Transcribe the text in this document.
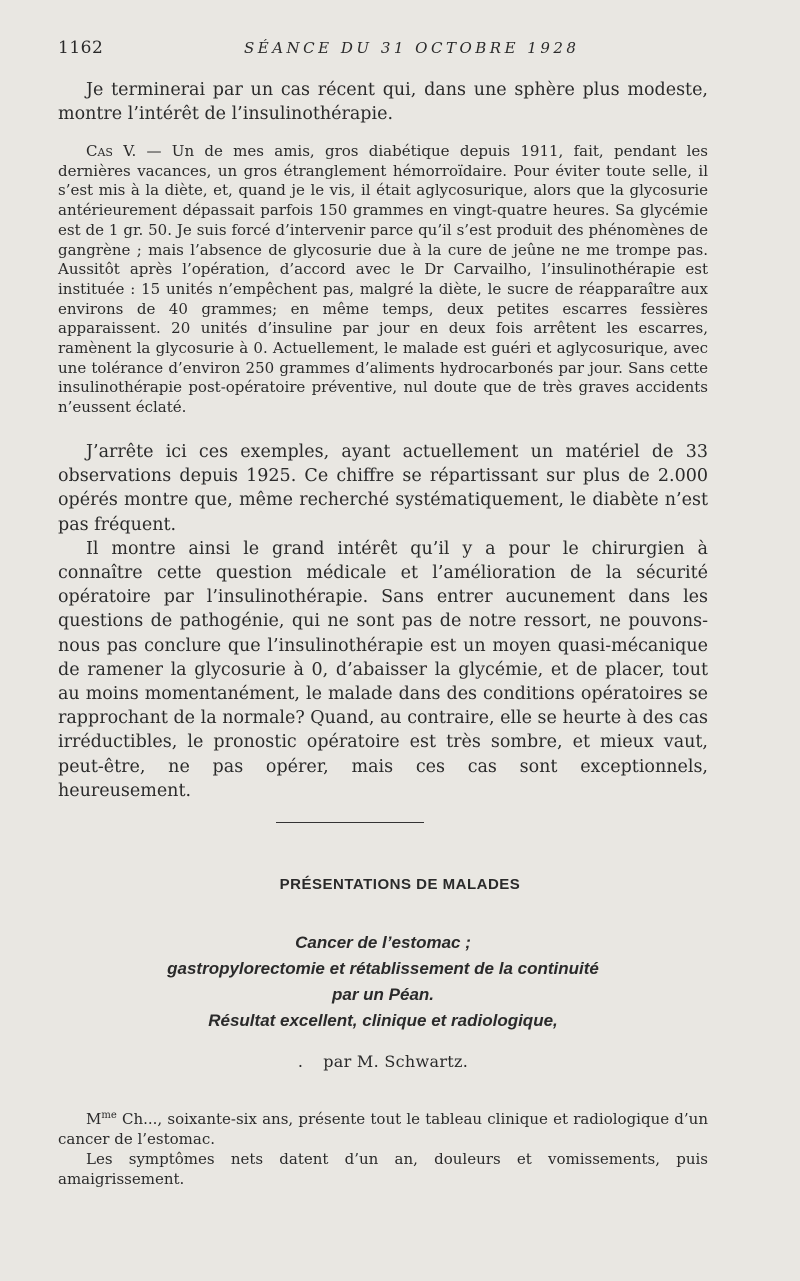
1162	SÉANCE DU 31 OCTOBRE 1928

Je terminerai par un cas récent qui, dans une sphère plus modeste, montre l’intérêt de l’insulinothérapie.

Cas V. — Un de mes amis, gros diabétique depuis 1911, fait, pendant les dernières vacances, un gros étranglement hémorroïdaire. Pour éviter toute selle, il s’est mis à la diète, et, quand je le vis, il était aglycosurique, alors que la glycosurie antérieurement dépassait parfois 150 grammes en vingt-quatre heures. Sa glycémie est de 1 gr. 50. Je suis forcé d’intervenir parce qu’il s’est produit des phénomènes de gangrène ; mais l’absence de glycosurie due à la cure de jeûne ne me trompe pas. Aussitôt après l’opération, d’accord avec le Dr Carvailho, l’insulinothérapie est instituée : 15 unités n’empêchent pas, malgré la diète, le sucre de réapparaître aux environs de 40 grammes; en même temps, deux petites escarres fessières apparaissent. 20 unités d’insuline par jour en deux fois arrêtent les escarres, ramènent la glycosurie à 0. Actuellement, le malade est guéri et aglycosurique, avec une tolérance d’environ 250 grammes d’aliments hydrocarbonés par jour. Sans cette insulinothérapie post-opératoire préventive, nul doute que de très graves accidents n’eussent éclaté.

J’arrête ici ces exemples, ayant actuellement un matériel de 33 observations depuis 1925. Ce chiffre se répartissant sur plus de 2.000 opérés montre que, même recherché systématiquement, le diabète n’est pas fréquent.

Il montre ainsi le grand intérêt qu’il y a pour le chirurgien à connaître cette question médicale et l’amélioration de la sécurité opératoire par l’insulinothérapie. Sans entrer aucunement dans les questions de pathogénie, qui ne sont pas de notre ressort, ne pouvons-nous pas conclure que l’insulinothérapie est un moyen quasi-mécanique de ramener la glycosurie à 0, d’abaisser la glycémie, et de placer, tout au moins momentanément, le malade dans des conditions opératoires se rapprochant de la normale? Quand, au contraire, elle se heurte à des cas irréductibles, le pronostic opératoire est très sombre, et mieux vaut, peut-être, ne pas opérer, mais ces cas sont exceptionnels, heureusement.

PRÉSENTATIONS DE MALADES
Cancer de l’estomac ;
gastropylorectomie et rétablissement de la continuité
par un Péan.
Résultat excellent, clinique et radiologique,
. par M. Schwartz.

$M^{me}$ Ch..., soixante-six ans, présente tout le tableau clinique et radiologique d’un cancer de l’estomac.

Les symptômes nets datent d’un an, douleurs et vomissements, puis amaigrissement.
